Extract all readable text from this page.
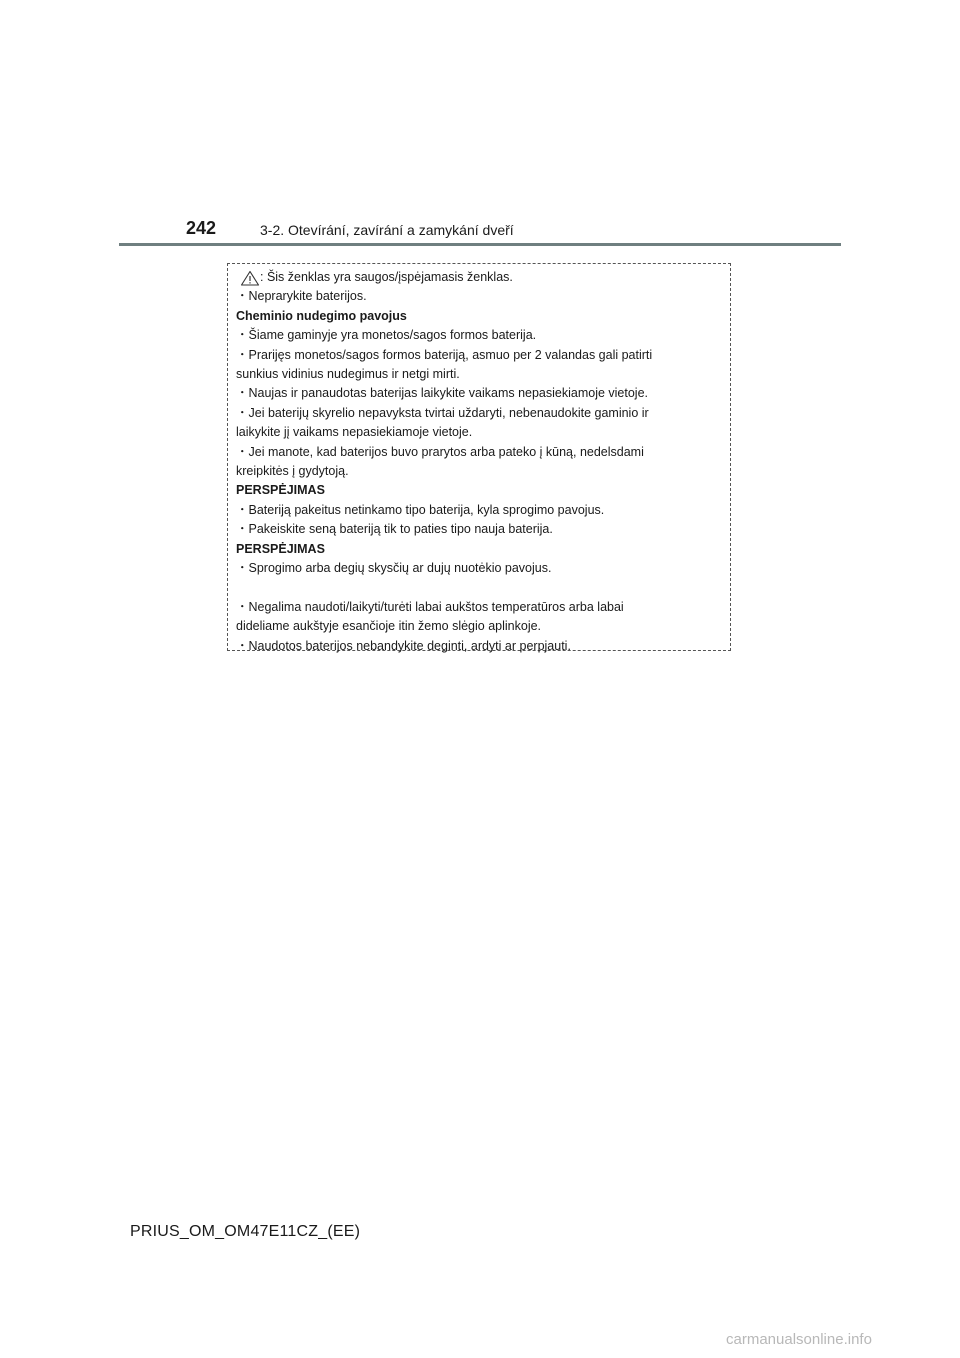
242	3-2. Otevírání, zavírání a zamykání dveří
: Šis ženklas yra saugos/įspėjamasis ženklas.

・Neprarykite baterijos.

Cheminio nudegimo pavojus

・Šiame gaminyje yra monetos/sagos formos baterija.

・Prarijęs monetos/sagos formos bateriją, asmuo per 2 valandas gali patirti

sunkius vidinius nudegimus ir netgi mirti.

・Naujas ir panaudotas baterijas laikykite vaikams nepasiekiamoje vietoje.

・Jei baterijų skyrelio nepavyksta tvirtai uždaryti, nebenaudokite gaminio ir

laikykite jį vaikams nepasiekiamoje vietoje.

・Jei manote, kad baterijos buvo prarytos arba pateko į kūną, nedelsdami

kreipkitės į gydytoją.

PERSPĖJIMAS

・Bateriją pakeitus netinkamo tipo baterija, kyla sprogimo pavojus.

・Pakeiskite seną bateriją tik to paties tipo nauja baterija.

PERSPĖJIMAS

・Sprogimo arba degių skysčių ar dujų nuotėkio pavojus.

・Negalima naudoti/laikyti/turėti labai aukštos temperatūros arba labai

dideliame aukštyje esančioje itin žemo slėgio aplinkoje.

・Naudotos baterijos nebandykite deginti, ardyti ar perpjauti.

PRIUS_OM_OM47E11CZ_(EE)
carmanualsonline.info
